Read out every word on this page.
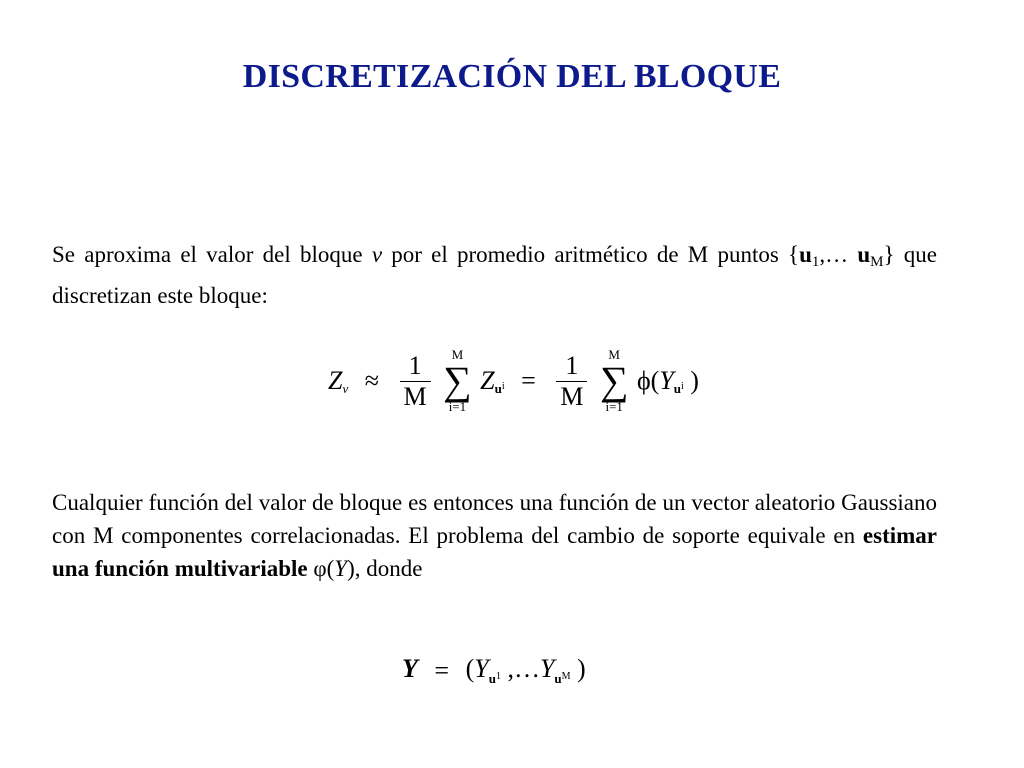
DISCRETIZACIÓN DEL BLOQUE
Se aproxima el valor del bloque v por el promedio aritmético de M puntos {u1,… uM} que discretizan este bloque:
$Z_v \approx \frac{1}{M}$
	M
∑
i=1
$Z_ui = \frac{1}{M}$
	M
∑
i=1
$\phi(Y_ui$ )
Cualquier función del valor de bloque es entonces una función de un vector aleatorio Gaussiano con M componentes correlacionadas. El problema del cambio de soporte equivale en estimar una función multivariable φ(Y), donde
$Y = (Y_u1$ $,\dots Y_uM$ )
